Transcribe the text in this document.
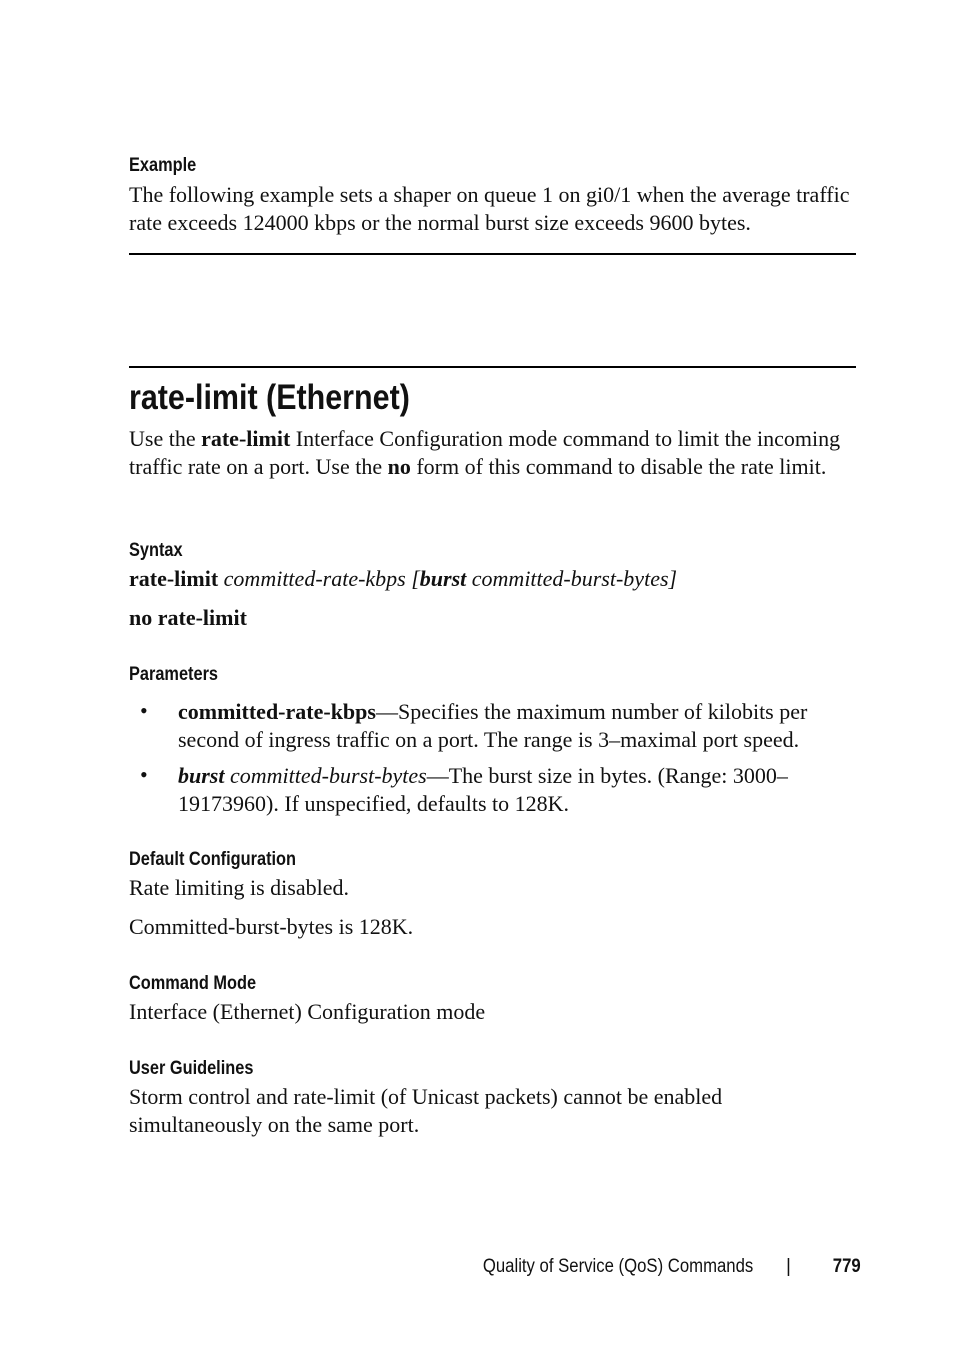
Example
The following example sets a shaper on queue 1 on gi0/1 when the average traffic rate exceeds 124000 kbps or the normal burst size exceeds 9600 bytes.
rate-limit (Ethernet)
Use the rate-limit Interface Configuration mode command to limit the incoming traffic rate on a port. Use the no form of this command to disable the rate limit.
Syntax
rate-limit committed-rate-kbps [burst committed-burst-bytes]
no rate-limit
Parameters
• committed-rate-kbps—Specifies the maximum number of kilobits per second of ingress traffic on a port. The range is 3–maximal port speed.
• burst committed-burst-bytes—The burst size in bytes. (Range: 3000–19173960). If unspecified, defaults to 128K.
Default Configuration
Rate limiting is disabled.
Committed-burst-bytes is 128K.
Command Mode
Interface (Ethernet) Configuration mode
User Guidelines
Storm control and rate-limit (of Unicast packets) cannot be enabled simultaneously on the same port.
Quality of Service (QoS) Commands | 779
